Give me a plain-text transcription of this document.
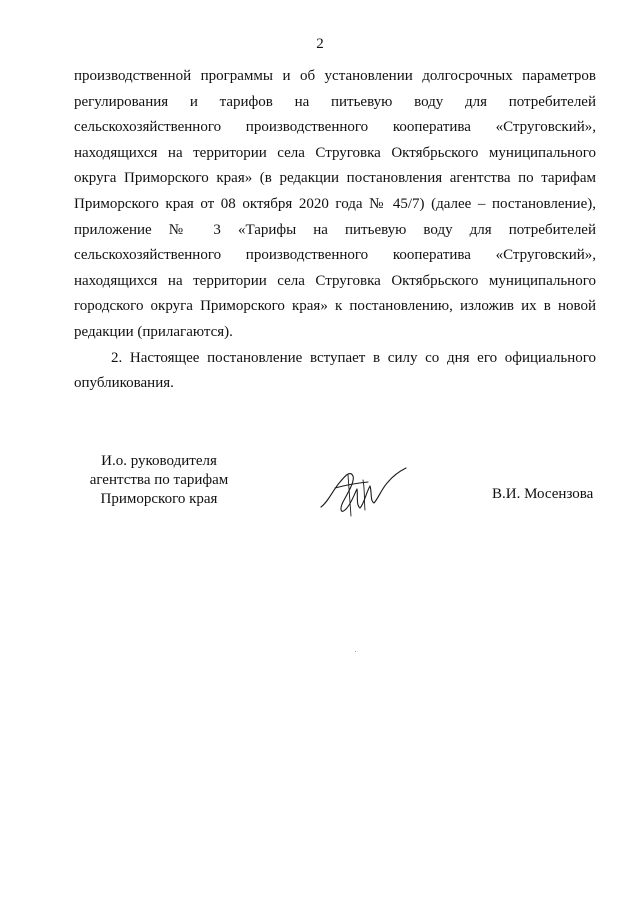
2
производственной программы и об установлении долгосрочных параметров
регулирования и тарифов на питьевую воду для потребителей
сельскохозяйственного производственного кооператива «Струговский»,
находящихся на территории села Струговка Октябрьского муниципального
округа Приморского края» (в редакции постановления агентства по тарифам
Приморского края от 08 октября 2020 года № 45/7) (далее – постановление),
приложение № 3 «Тарифы на питьевую воду для потребителей
сельскохозяйственного производственного кооператива «Струговский»,
находящихся на территории села Струговка Октябрьского муниципального
городского округа Приморского края» к постановлению, изложив их в новой
редакции (прилагаются).
2. Настоящее постановление вступает в силу со дня его официального
опубликования.
И.о. руководителя
агентства по тарифам
Приморского края	В.И. Мосензова
